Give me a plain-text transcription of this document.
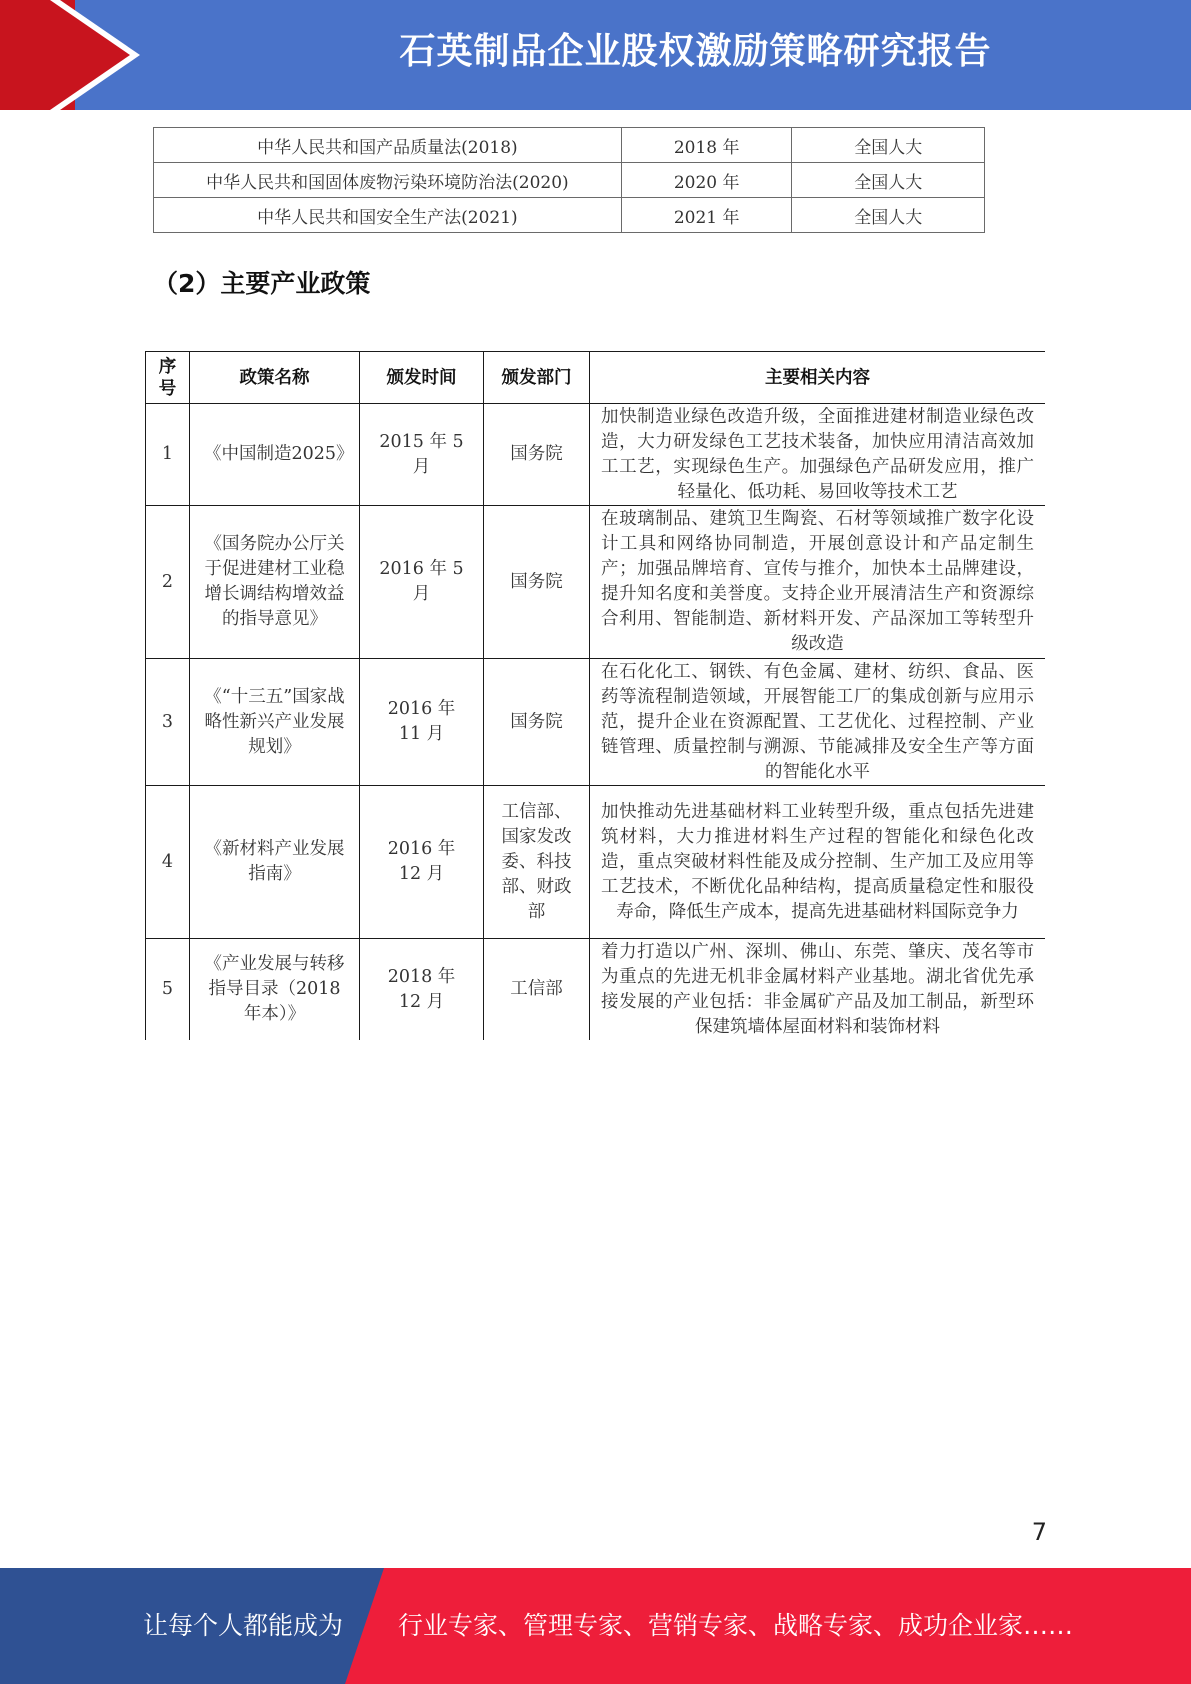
石英制品企业股权激励策略研究报告
中华人民共和国产品质量法(2018)	2018 年	全国人大
中华人民共和国固体废物污染环境防治法(2020)	2020 年	全国人大
中华人民共和国安全生产法(2021)	2021 年	全国人大
（2）主要产业政策
序号	政策名称	颁发时间	颁发部门	主要相关内容
1	《中国制造2025》	2015 年 5 月	国务院	加快制造业绿色改造升级，全面推进建材制造业绿色改造，大力研发绿色工艺技术装备，加快应用清洁高效加工工艺，实现绿色生产。加强绿色产品研发应用，推广轻量化、低功耗、易回收等技术工艺
2	《国务院办公厅关于促进建材工业稳增长调结构增效益的指导意见》	2016 年 5 月	国务院	在玻璃制品、建筑卫生陶瓷、石材等领域推广数字化设计工具和网络协同制造，开展创意设计和产品定制生产；加强品牌培育、宣传与推介，加快本土品牌建设，提升知名度和美誉度。支持企业开展清洁生产和资源综合利用、智能制造、新材料开发、产品深加工等转型升级改造
3	《“十三五”国家战略性新兴产业发展规划》	2016 年 11 月	国务院	在石化化工、钢铁、有色金属、建材、纺织、食品、医药等流程制造领域，开展智能工厂的集成创新与应用示范，提升企业在资源配置、工艺优化、过程控制、产业链管理、质量控制与溯源、节能减排及安全生产等方面的智能化水平
4	《新材料产业发展指南》	2016 年 12 月	工信部、国家发改委、科技部、财政部	加快推动先进基础材料工业转型升级，重点包括先进建筑材料，大力推进材料生产过程的智能化和绿色化改造，重点突破材料性能及成分控制、生产加工及应用等工艺技术，不断优化品种结构，提高质量稳定性和服役寿命，降低生产成本，提高先进基础材料国际竞争力
5	《产业发展与转移指导目录（2018 年本）》	2018 年 12 月	工信部	着力打造以广州、深圳、佛山、东莞、肇庆、茂名等市为重点的先进无机非金属材料产业基地。湖北省优先承接发展的产业包括：非金属矿产品及加工制品，新型环保建筑墙体屋面材料和装饰材料
7
让每个人都能成为 行业专家、管理专家、营销专家、战略专家、成功企业家……
